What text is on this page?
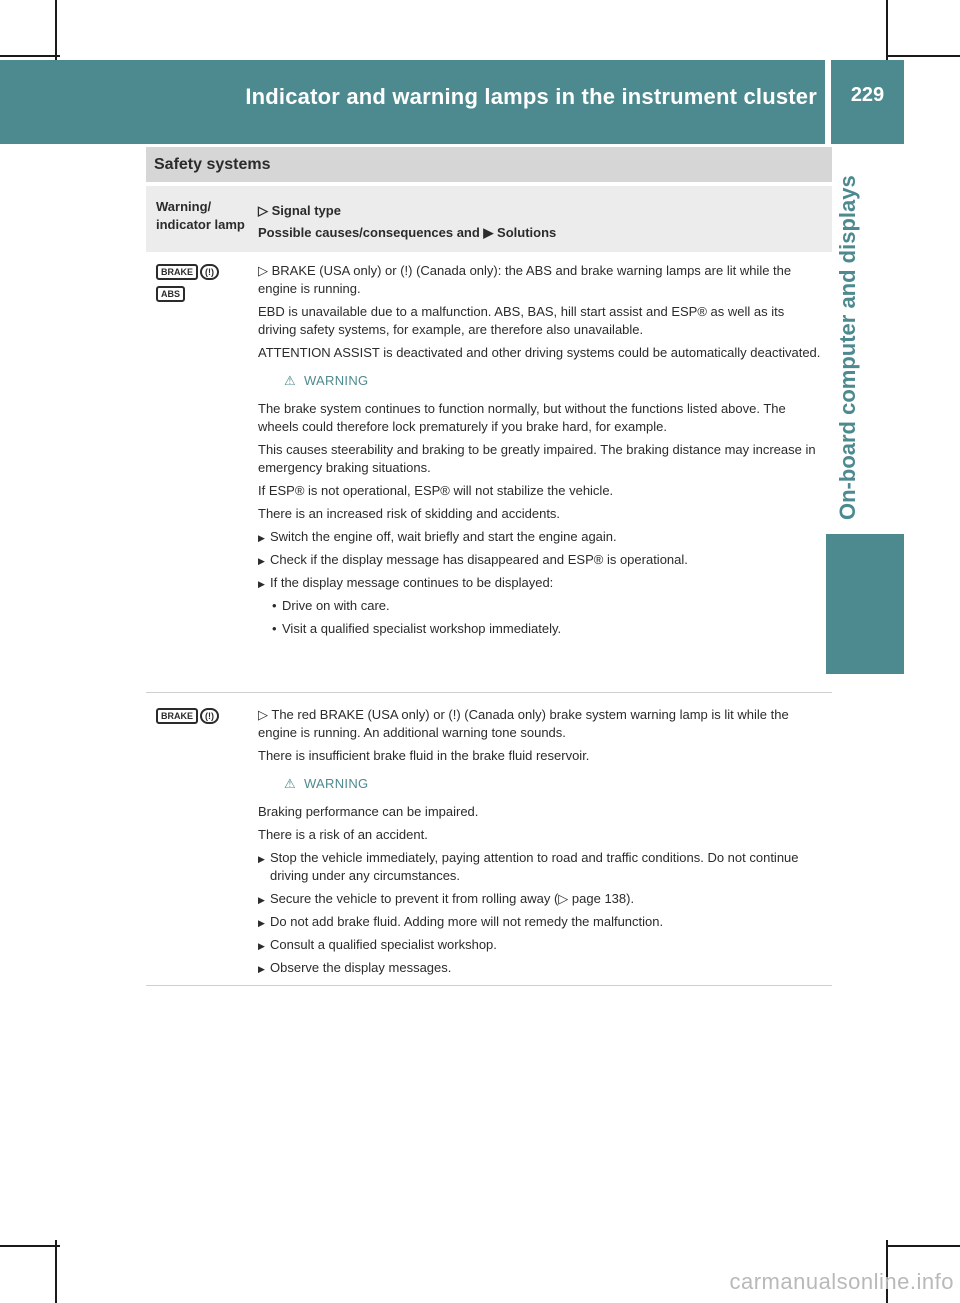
Indicator and warning lamps in the instrument cluster	229
On-board computer and displays
Safety systems
Warning/ indicator lamp
▷ Signal type
Possible causes/consequences and ▶ Solutions
BRAKE (!)
ABS

▷ BRAKE (USA only) or (!) (Canada only): the ABS and brake warning lamps are lit while the engine is running.

EBD is unavailable due to a malfunction. ABS, BAS, hill start assist and ESP® as well as its driving safety systems, for example, are therefore also unavailable.

ATTENTION ASSIST is deactivated and other driving systems could be automatically deactivated.

⚠ WARNING

The brake system continues to function normally, but without the functions listed above. The wheels could therefore lock prematurely if you brake hard, for example.

This causes steerability and braking to be greatly impaired. The braking distance may increase in emergency braking situations.

If ESP® is not operational, ESP® will not stabilize the vehicle.

There is an increased risk of skidding and accidents.

▶ Switch the engine off, wait briefly and start the engine again.
▶ Check if the display message has disappeared and ESP® is operational.
▶ If the display message continues to be displayed:
• Drive on with care.
• Visit a qualified specialist workshop immediately.
BRAKE (!)	▷ The red BRAKE (USA only) or (!) (Canada only) brake system warning lamp is lit while the engine is running. An additional warning tone sounds.

There is insufficient brake fluid in the brake fluid reservoir.

⚠ WARNING

Braking performance can be impaired.

There is a risk of an accident.

▶ Stop the vehicle immediately, paying attention to road and traffic conditions. Do not continue driving under any circumstances.
▶ Secure the vehicle to prevent it from rolling away (▷ page 138).
▶ Do not add brake fluid. Adding more will not remedy the malfunction.
▶ Consult a qualified specialist workshop.
▶ Observe the display messages.
carmanualsonline.info
